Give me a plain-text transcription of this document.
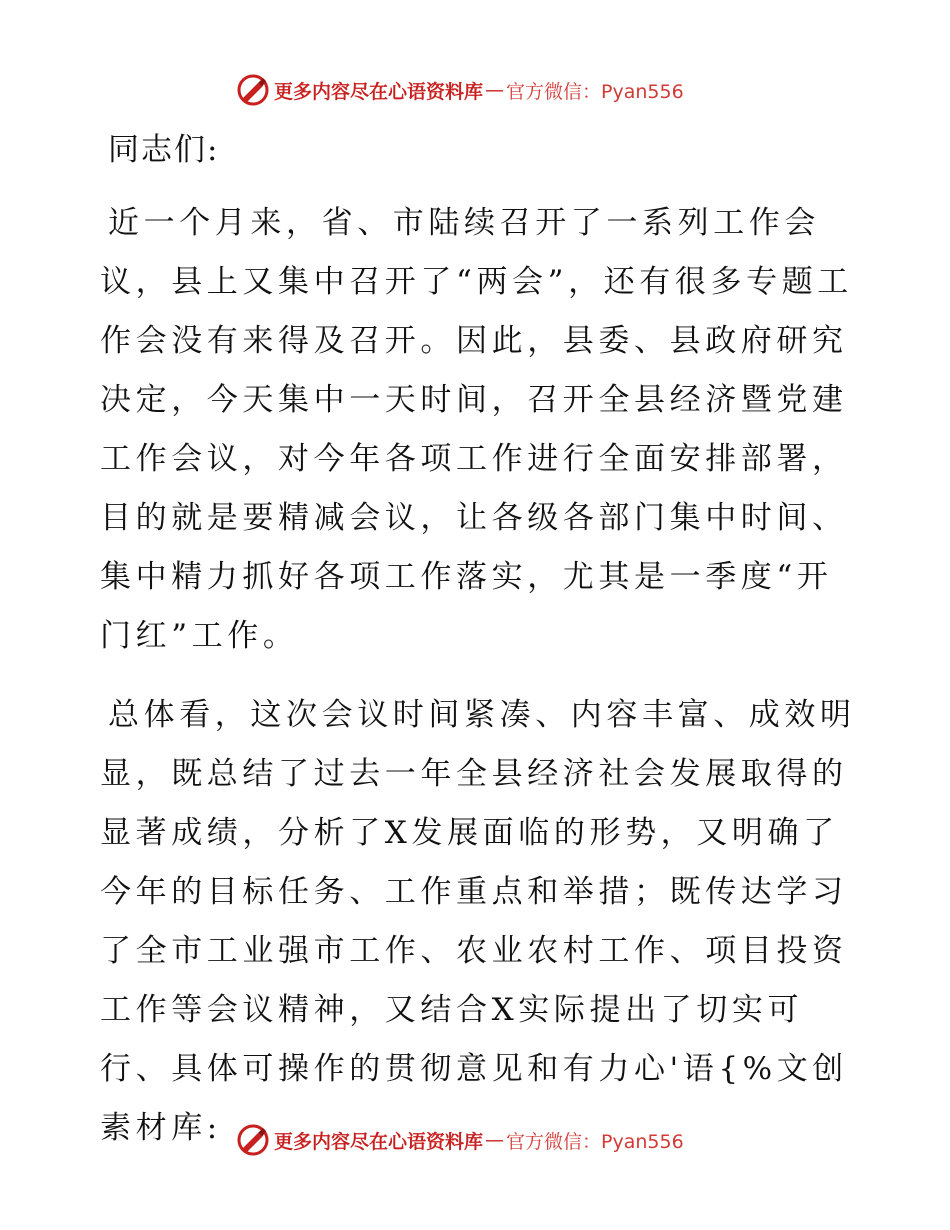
更多内容尽在心语资料库 — 官方微信：Pyan556

同志们:

近一个月来，省、市陆续召开了一系列工作会议，县上又集中召开了“两会”，还有很多专题工作会没有来得及召开。因此，县委、县政府研究决定，今天集中一天时间，召开全县经济暨党建工作会议，对今年各项工作进行全面安排部署，目的就是要精减会议，让各级各部门集中时间、集中精力抓好各项工作落实，尤其是一季度“开门红”工作。

总体看，这次会议时间紧凑、内容丰富、成效明显，既总结了过去一年全县经济社会发展取得的显著成绩，分析了X发展面临的形势，又明确了今年的目标任务、工作重点和举措；既传达学习了全市工业强市工作、农业农村工作、项目投资工作等会议精神，又结合X实际提出了切实可行、具体可操作的贯彻意见和有力心'语{%文创素材库:	更多内容尽在心语资料库 — 官方微信：Pyan556
